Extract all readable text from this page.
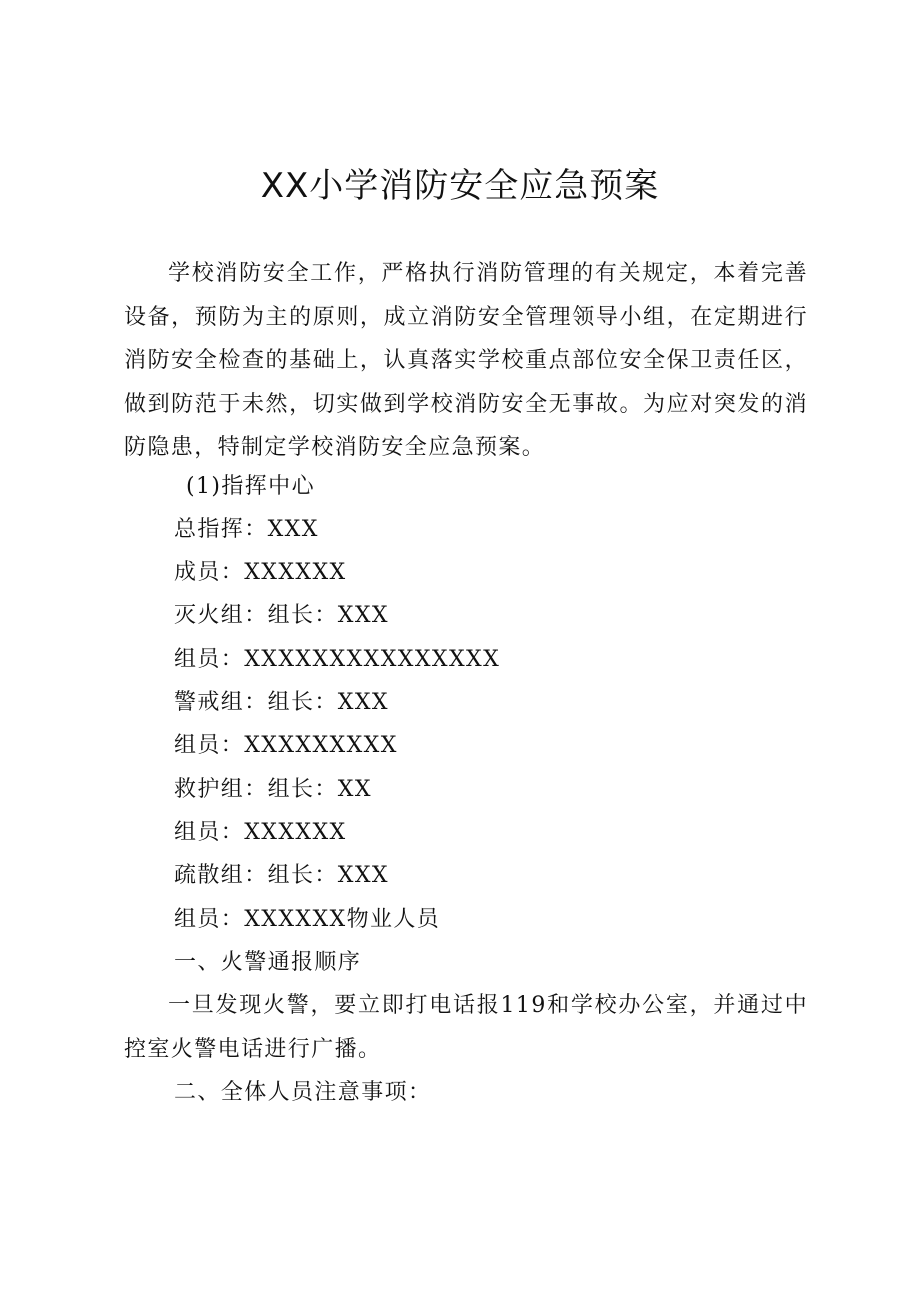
XX小学消防安全应急预案

学校消防安全工作，严格执行消防管理的有关规定，本着完善设备，预防为主的原则，成立消防安全管理领导小组，在定期进行消防安全检查的基础上，认真落实学校重点部位安全保卫责任区，做到防范于未然，切实做到学校消防安全无事故。为应对突发的消防隐患，特制定学校消防安全应急预案。

(1)指挥中心

总指挥：XXX

成员：XXXXXX

灭火组：组长：XXX

组员：XXXXXXXXXXXXXXX

警戒组：组长：XXX

组员：XXXXXXXXX

救护组：组长：XX

组员：XXXXXX

疏散组：组长：XXX

组员：XXXXXX物业人员

一、火警通报顺序

一旦发现火警，要立即打电话报119和学校办公室，并通过中控室火警电话进行广播。

二、全体人员注意事项：
